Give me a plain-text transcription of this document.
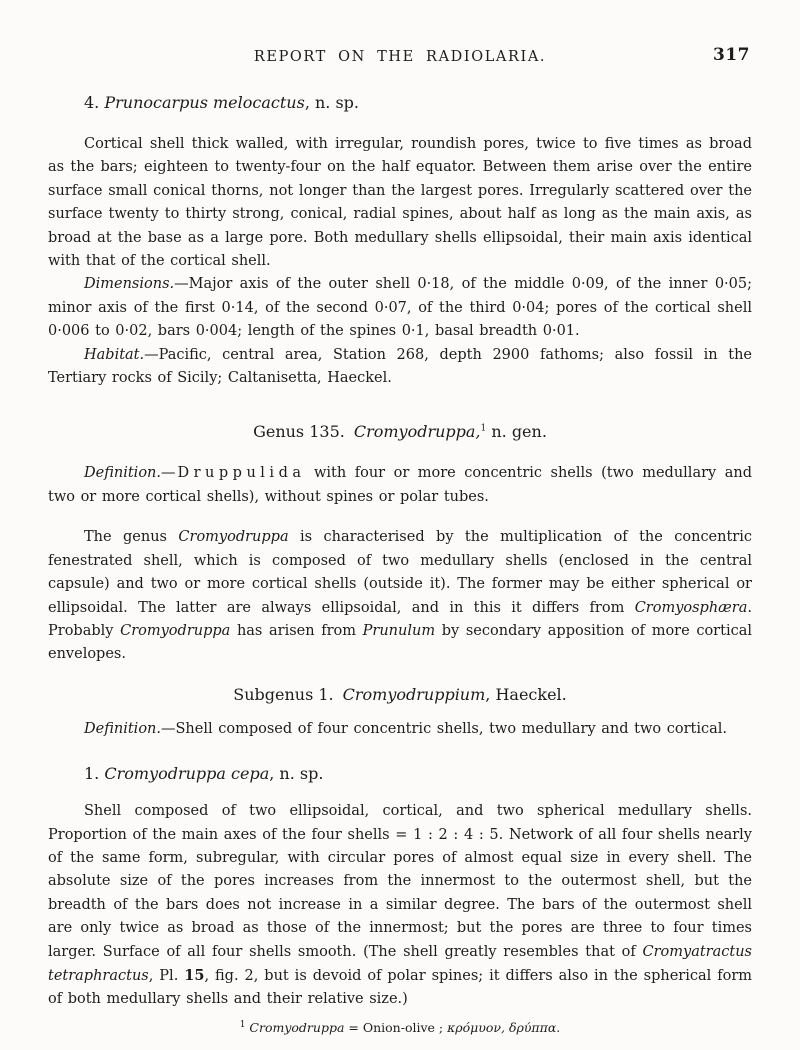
REPORT ON THE RADIOLARIA.	317
4. Prunocarpus melocactus, n. sp.

Cortical shell thick walled, with irregular, roundish pores, twice to five times as broad as the bars; eighteen to twenty-four on the half equator. Between them arise over the entire surface small conical thorns, not longer than the largest pores. Irregularly scattered over the surface twenty to thirty strong, conical, radial spines, about half as long as the main axis, as broad at the base as a large pore. Both medullary shells ellipsoidal, their main axis identical with that of the cortical shell.

Dimensions.—Major axis of the outer shell 0·18, of the middle 0·09, of the inner 0·05; minor axis of the first 0·14, of the second 0·07, of the third 0·04; pores of the cortical shell 0·006 to 0·02, bars 0·004; length of the spines 0·1, basal breadth 0·01.

Habitat.—Pacific, central area, Station 268, depth 2900 fathoms; also fossil in the Tertiary rocks of Sicily; Caltanisetta, Haeckel.

Genus 135. Cromyodruppa,$^1$ n. gen.

Definition.— Druppulida with four or more concentric shells (two medullary and two or more cortical shells), without spines or polar tubes.

The genus Cromyodruppa is characterised by the multiplication of the concentric fenestrated shell, which is composed of two medullary shells (enclosed in the central capsule) and two or more cortical shells (outside it). The former may be either spherical or ellipsoidal. The latter are always ellipsoidal, and in this it differs from Cromyosphæra. Probably Cromyodruppa has arisen from Prunulum by secondary apposition of more cortical envelopes.

Subgenus 1. Cromyodruppium, Haeckel.

Definition.—Shell composed of four concentric shells, two medullary and two cortical.

1. Cromyodruppa cepa, n. sp.

Shell composed of two ellipsoidal, cortical, and two spherical medullary shells. Proportion of the main axes of the four shells = 1 : 2 : 4 : 5. Network of all four shells nearly of the same form, subregular, with circular pores of almost equal size in every shell. The absolute size of the pores increases from the innermost to the outermost shell, but the breadth of the bars does not increase in a similar degree. The bars of the outermost shell are only twice as broad as those of the innermost; but the pores are three to four times larger. Surface of all four shells smooth. (The shell greatly resembles that of Cromyatractus tetraphractus, Pl. 15, fig. 2, but is devoid of polar spines; it differs also in the spherical form of both medullary shells and their relative size.)

$^1$ Cromyodruppa = Onion-olive ; κρόμυον, δρύππα.
